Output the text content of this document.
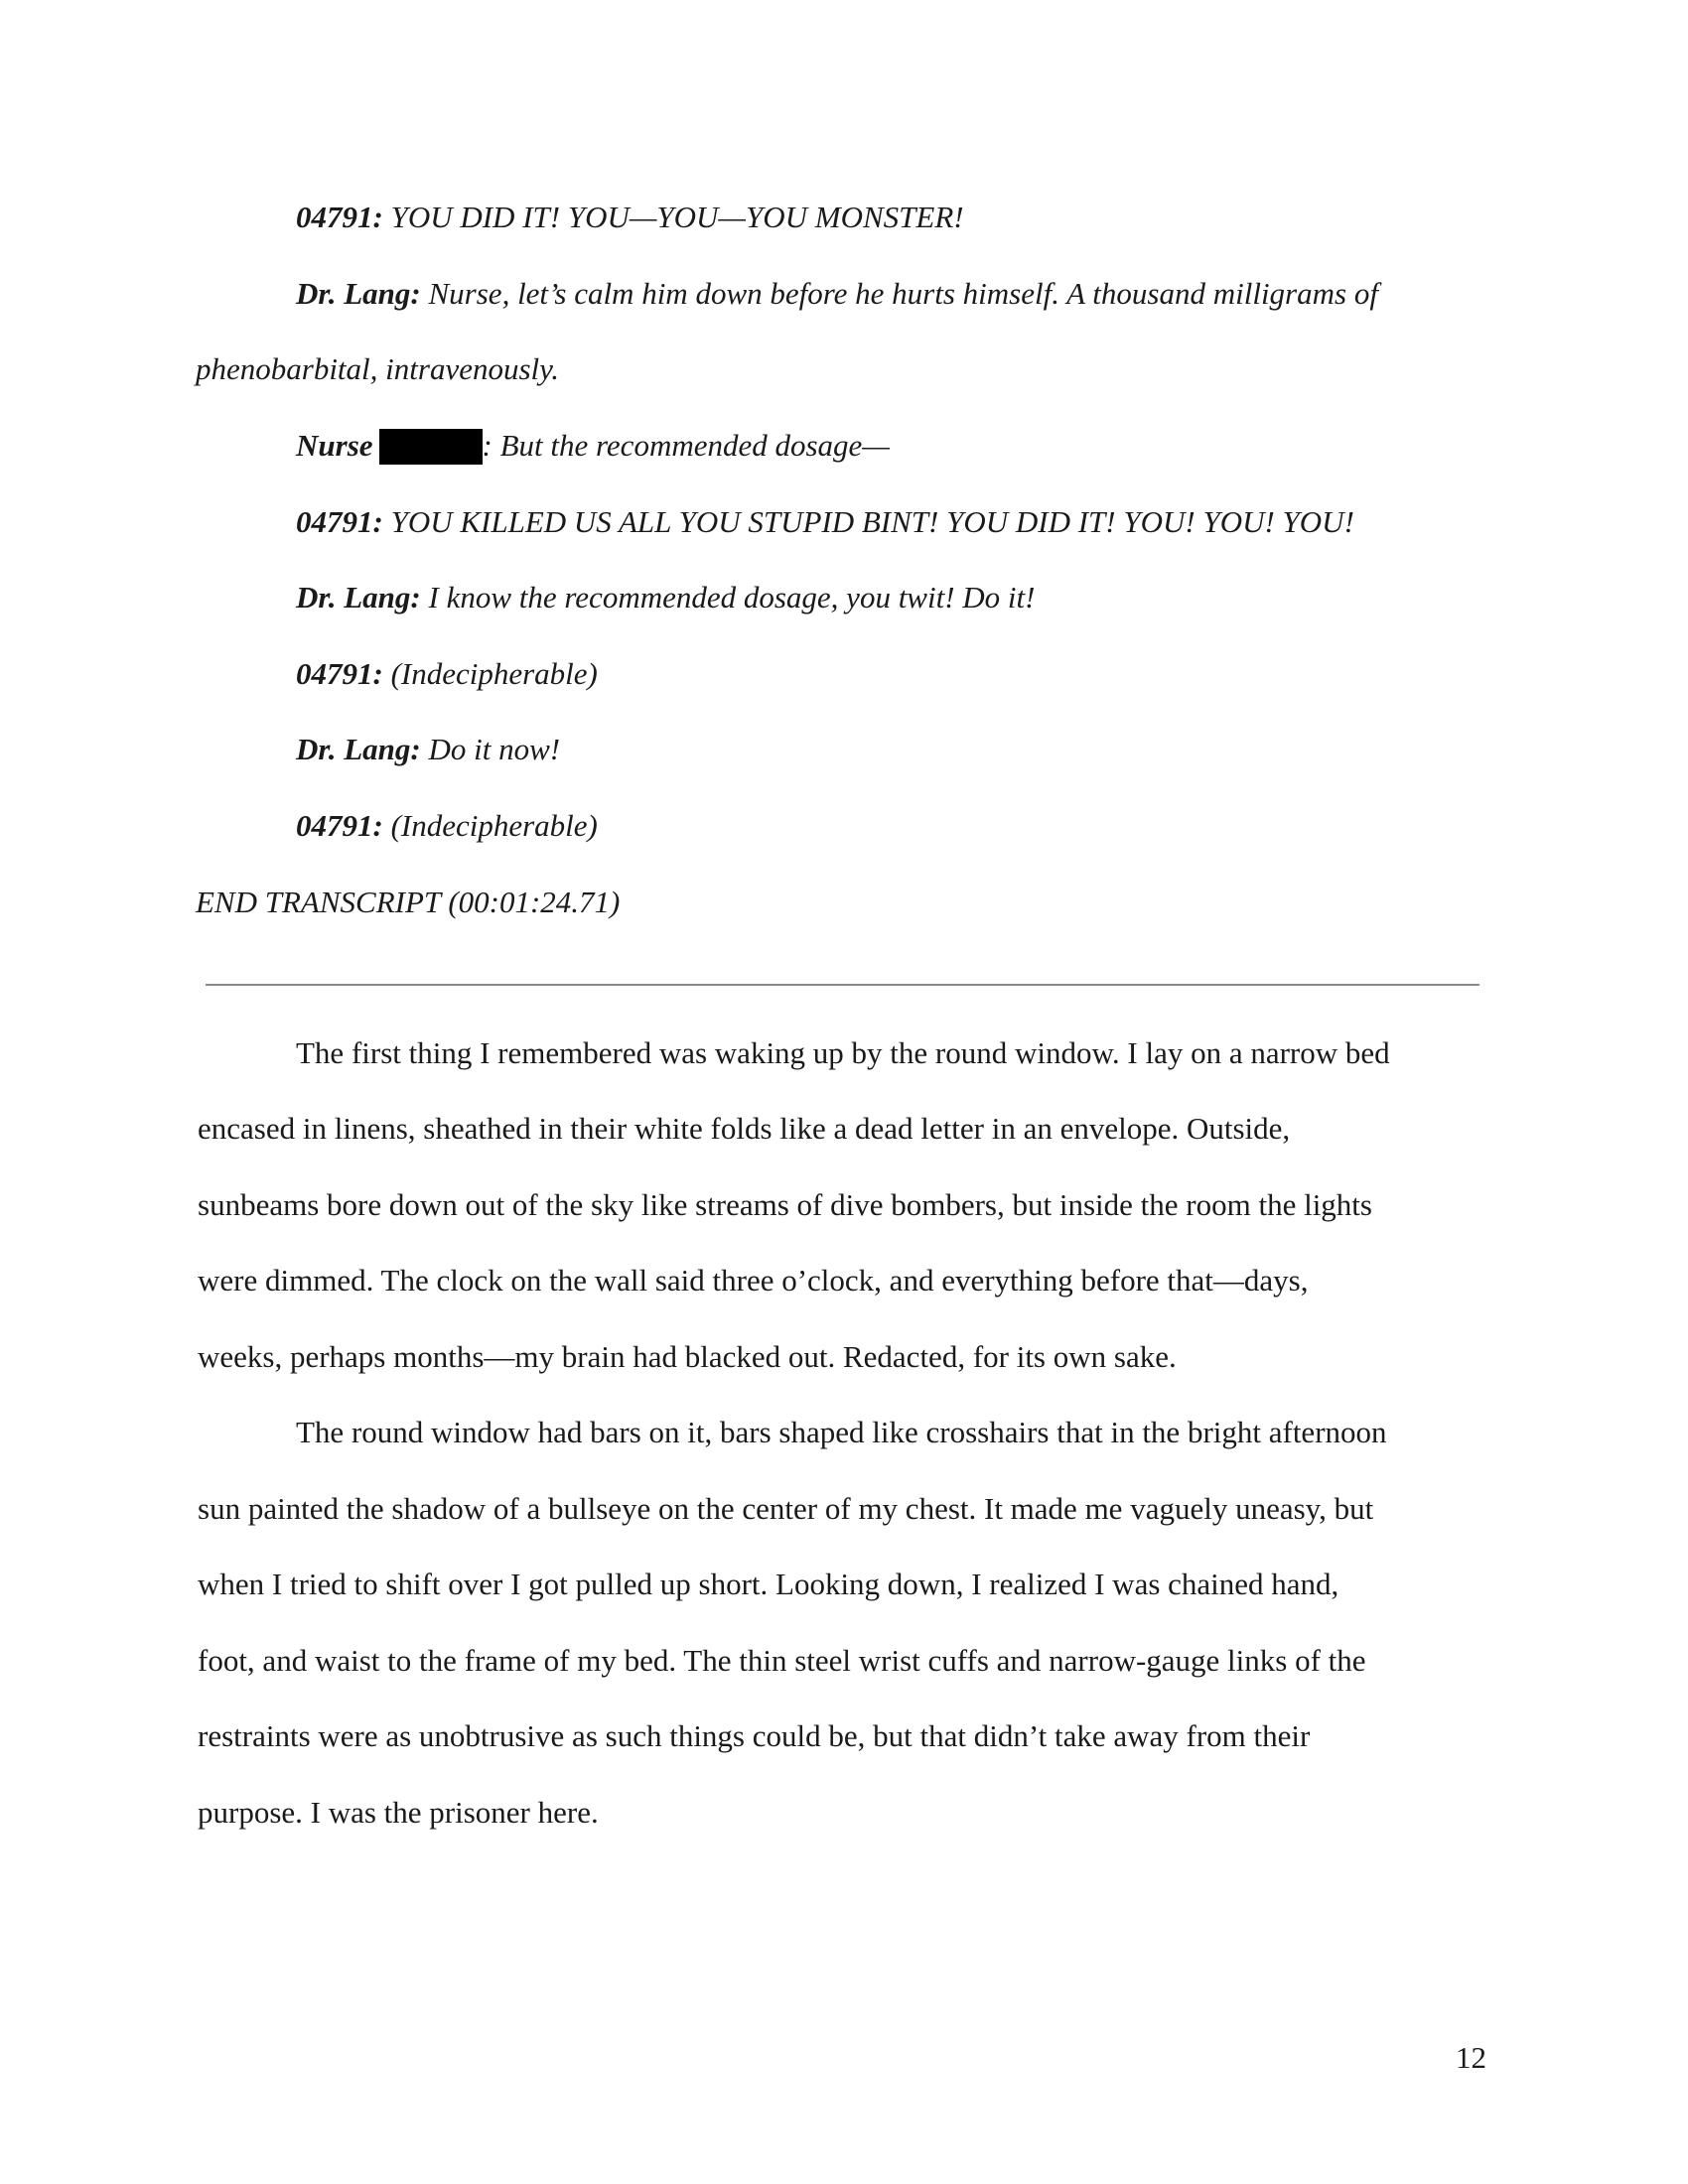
04791: YOU DID IT! YOU—YOU—YOU MONSTER!
Dr. Lang: Nurse, let’s calm him down before he hurts himself. A thousand milligrams of
phenobarbital, intravenously.
Nurse	: But the recommended dosage—
04791: YOU KILLED US ALL YOU STUPID BINT! YOU DID IT! YOU! YOU! YOU!
Dr. Lang: I know the recommended dosage, you twit! Do it!
04791: (Indecipherable)
Dr. Lang: Do it now!
04791: (Indecipherable)
END TRANSCRIPT (00:01:24.71)
The first thing I remembered was waking up by the round window. I lay on a narrow bed
encased in linens, sheathed in their white folds like a dead letter in an envelope. Outside,
sunbeams bore down out of the sky like streams of dive bombers, but inside the room the lights
were dimmed. The clock on the wall said three o’clock, and everything before that—days,
weeks, perhaps months—my brain had blacked out. Redacted, for its own sake.
The round window had bars on it, bars shaped like crosshairs that in the bright afternoon
sun painted the shadow of a bullseye on the center of my chest. It made me vaguely uneasy, but
when I tried to shift over I got pulled up short. Looking down, I realized I was chained hand,
foot, and waist to the frame of my bed. The thin steel wrist cuffs and narrow-gauge links of the
restraints were as unobtrusive as such things could be, but that didn’t take away from their
purpose. I was the prisoner here.
12
